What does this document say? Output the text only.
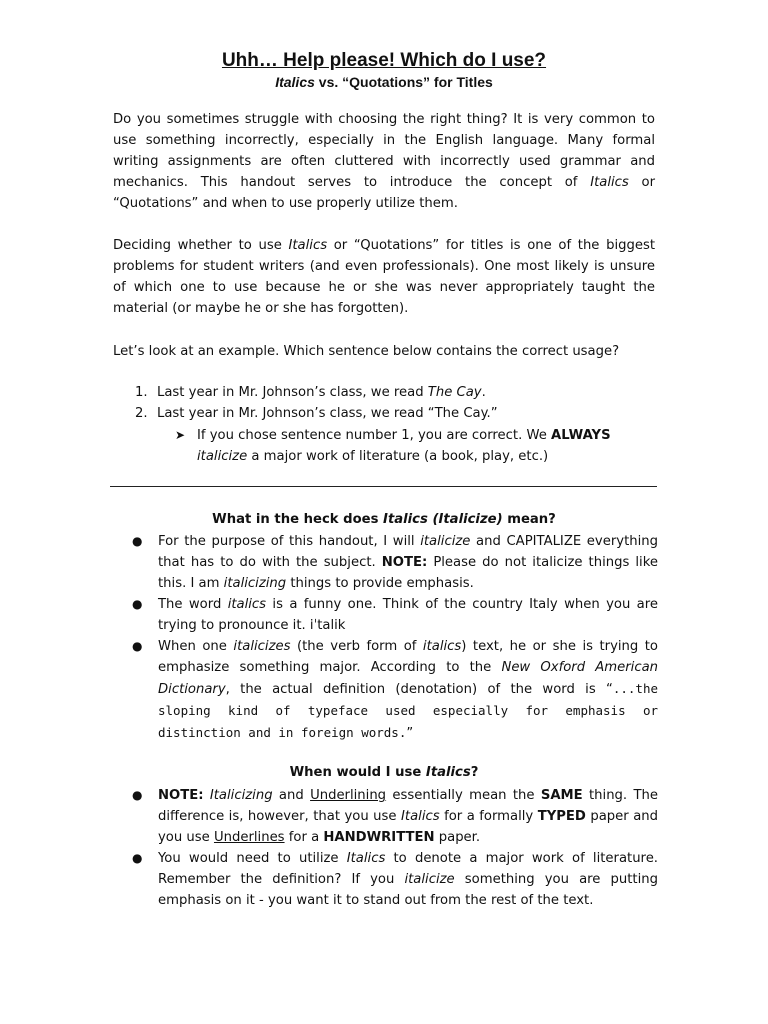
Uhh… Help please! Which do I use?
Italics vs. “Quotations” for Titles

Do you sometimes struggle with choosing the right thing? It is very common to use something incorrectly, especially in the English language. Many formal writing assignments are often cluttered with incorrectly used grammar and mechanics. This handout serves to introduce the concept of Italics or “Quotations” and when to use properly utilize them.

Deciding whether to use Italics or “Quotations” for titles is one of the biggest problems for student writers (and even professionals). One most likely is unsure of which one to use because he or she was never appropriately taught the material (or maybe he or she has forgotten).

Let’s look at an example. Which sentence below contains the correct usage?

1. Last year in Mr. Johnson’s class, we read The Cay.
2. Last year in Mr. Johnson’s class, we read “The Cay.”
➤ If you chose sentence number 1, you are correct. We ALWAYS
italicize a major work of literature (a book, play, etc.)
What in the heck does Italics (Italicize) mean?
● For the purpose of this handout, I will italicize and CAPITALIZE everything that has to do with the subject. NOTE: Please do not italicize things like this. I am italicizing things to provide emphasis.
● The word italics is a funny one. Think of the country Italy when you are trying to pronounce it. iˈtalik
● When one italicizes (the verb form of italics) text, he or she is trying to emphasize something major. According to the New Oxford American Dictionary, the actual definition (denotation) of the word is “...the sloping kind of typeface used especially for emphasis or distinction and in foreign words.”
When would I use Italics?
● NOTE: Italicizing and Underlining essentially mean the SAME thing. The difference is, however, that you use Italics for a formally TYPED paper and you use Underlines for a HANDWRITTEN paper.
● You would need to utilize Italics to denote a major work of literature. Remember the definition? If you italicize something you are putting emphasis on it - you want it to stand out from the rest of the text.
